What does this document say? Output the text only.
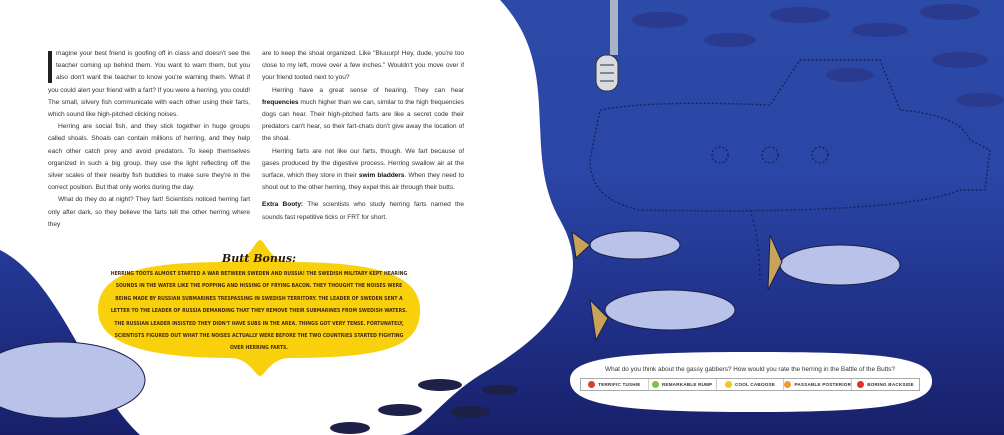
magine your best friend is goofing off in class and doesn't see the teacher coming up behind them. You want to warn them, but you also don't want the teacher to know you're warning them. What if you could alert your friend with a fart? If you were a herring, you could! The small, silvery fish communicate with each other using their farts, which sound like high-pitched clicking noises.

Herring are social fish, and they stick together in huge groups called shoals. Shoals can contain millions of herring, and they help each other catch prey and avoid predators. To keep themselves organized in such a big group, they use the light reflecting off the silver scales of their nearby fish buddies to make sure they're in the correct position. But that only works during the day.

What do they do at night? They fart! Scientists noticed herring fart only after dark, so they believe the farts tell the other herring where they

are to keep the shoal organized. Like "Bluuurp! Hey, dude, you're too close to my left, move over a few inches." Wouldn't you move over if your friend tooted next to you?

Herring have a great sense of hearing. They can hear frequencies much higher than we can, similar to the high frequencies dogs can hear. Their high-pitched farts are like a secret code their predators can't hear, so their fart-chats don't give away the location of the shoal.

Herring farts are not like our farts, though. We fart because of gases produced by the digestive process. Herring swallow air at the surface, which they store in their swim bladders. When they need to shout out to the other herring, they expel this air through their butts.

Extra Booty: The scientists who study herring farts named the sounds fast repetitive ticks or FRT for short.

Butt Bonus:
HERRING TOOTS ALMOST STARTED A WAR BETWEEN SWEDEN AND RUSSIA! THE SWEDISH MILITARY KEPT HEARING SOUNDS IN THE WATER LIKE THE POPPING AND HISSING OF FRYING BACON. THEY THOUGHT THE NOISES WERE BEING MADE BY RUSSIAN SUBMARINES TRESPASSING IN SWEDISH TERRITORY. THE LEADER OF SWEDEN SENT A LETTER TO THE LEADER OF RUSSIA DEMANDING THAT THEY REMOVE THEIR SUBMARINES FROM SWEDISH WATERS. THE RUSSIAN LEADER INSISTED THEY DIDN'T HAVE SUBS IN THE AREA. THINGS GOT VERY TENSE. FORTUNATELY, SCIENTISTS FIGURED OUT WHAT THE NOISES ACTUALLY WERE BEFORE THE TWO COUNTRIES STARTED FIGHTING OVER HERRING FARTS.
What do you think about the gassy gabbers? How would you rate the herring in the Battle of the Butts?
TERRIFIC TUSHIE	REMARKABLE RUMP	COOL CABOOSE	PASSABLE POSTERIOR	BORING BACKSIDE
